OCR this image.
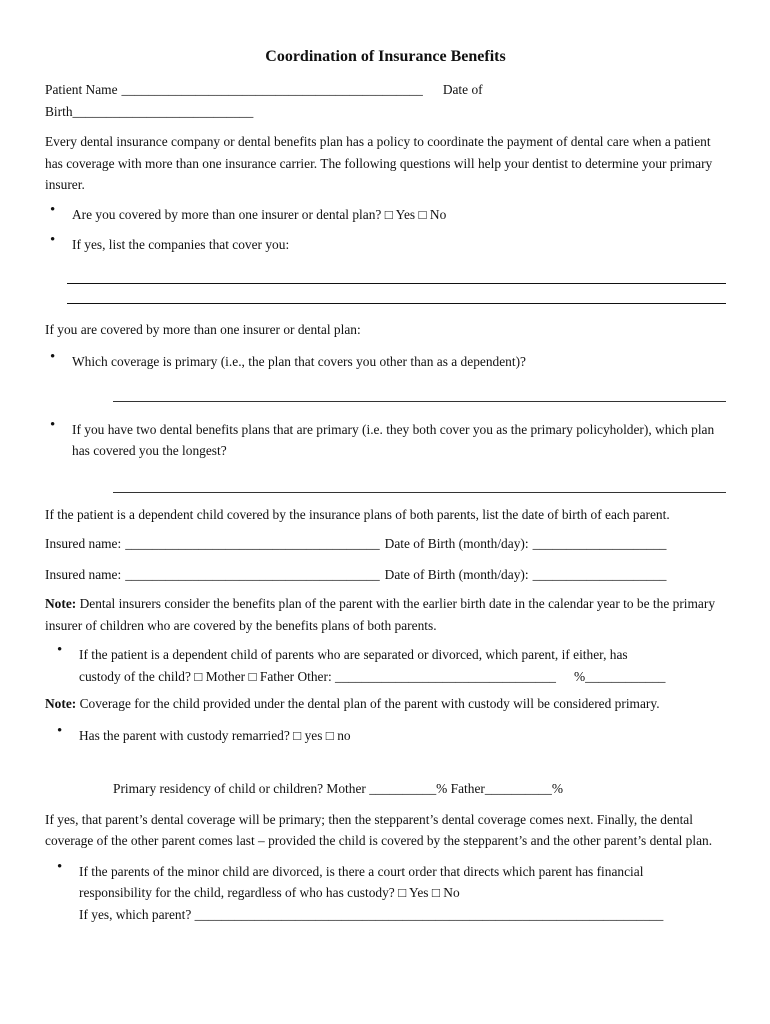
Coordination of Insurance Benefits
Patient Name _____________________________________________ Date of
Birth ___________________________

Every dental insurance company or dental benefits plan has a policy to coordinate the payment of dental care when a patient has coverage with more than one insurance carrier. The following questions will help your dentist to determine your primary insurer.

• Are you covered by more than one insurer or dental plan? □ Yes □ No
• If yes, list the companies that cover you:

If you are covered by more than one insurer or dental plan:

• Which coverage is primary (i.e., the plan that covers you other than as a dependent)?
• If you have two dental benefits plans that are primary (i.e. they both cover you as the primary policyholder), which plan has covered you the longest?

If the patient is a dependent child covered by the insurance plans of both parents, list the date of birth of each parent.

Insured name: ______________________________________ Date of Birth (month/day): ____________________
Insured name: ______________________________________ Date of Birth (month/day): ____________________

Note: Dental insurers consider the benefits plan of the parent with the earlier birth date in the calendar year to be the primary insurer of children who are covered by the benefits plans of both parents.

• If the patient is a dependent child of parents who are separated or divorced, which parent, if either, has
custody of the child? □ Mother □ Father Other: _________________________________ %____________

Note: Coverage for the child provided under the dental plan of the parent with custody will be considered primary.

• Has the parent with custody remarried? □ yes □ no
Primary residency of child or children? Mother __________% Father__________%

If yes, that parent’s dental coverage will be primary; then the stepparent’s dental coverage comes next. Finally, the dental coverage of the other parent comes last – provided the child is covered by the stepparent’s and the other parent’s dental plan.

• If the parents of the minor child are divorced, is there a court order that directs which parent has financial
responsibility for the child, regardless of who has custody? □ Yes □ No
If yes, which parent? ______________________________________________________________________
